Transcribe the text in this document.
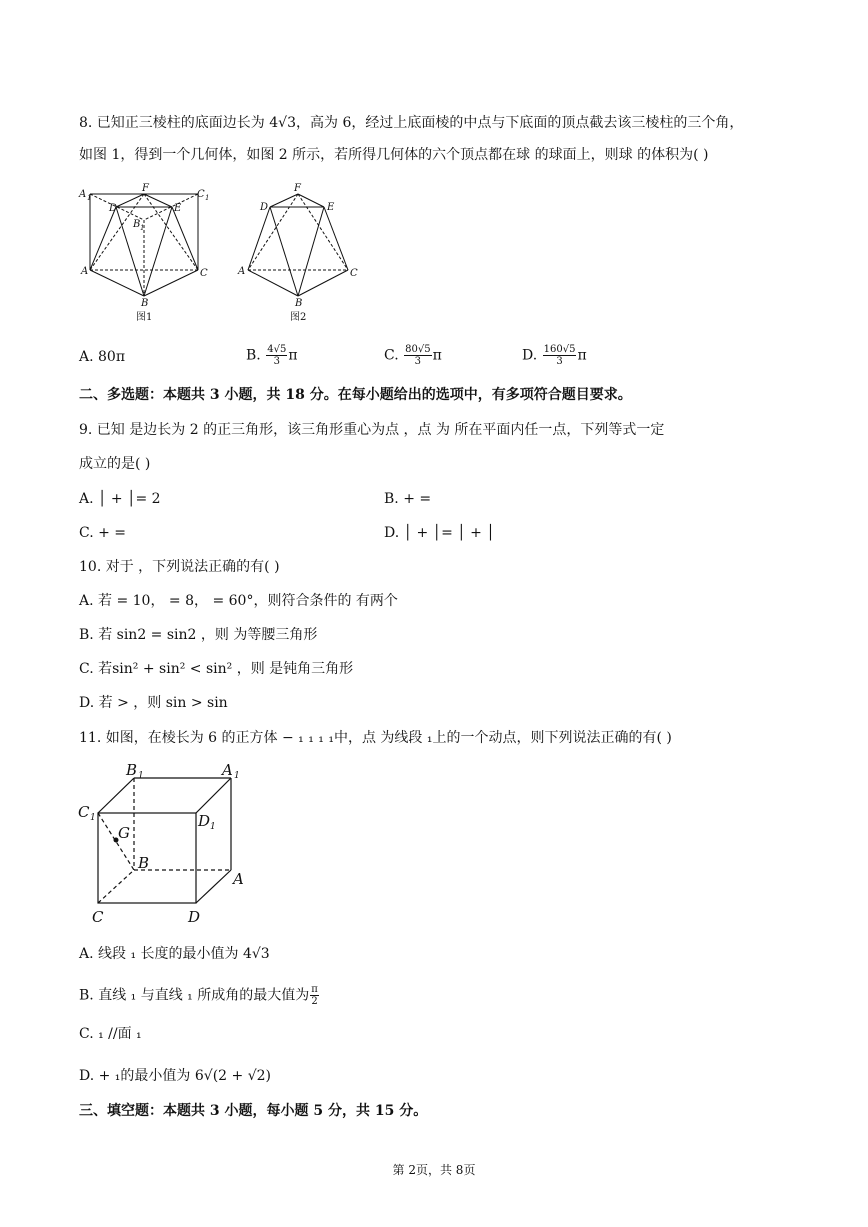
8. 已知正三棱柱的底面边长为 4√3，高为 6，经过上底面棱的中点与下底面的顶点截去该三棱柱的三个角，
如图 1，得到一个几何体，如图 2 所示，若所得几何体的六个顶点都在球 的球面上，则球 的体积为( )
A 1	C 1
F
D	E
B 1
A	C
B
图1
F
D	E
A	C
B
图2
A. 80π	B. $\frac{4√5}{3}$ π	C. $\frac{80√5}{3}$ π	D. $\frac{160√5}{3}$ π
二、多选题：本题共 3 小题，共 18 分。在每小题给出的选项中，有多项符合题目要求。
9. 已知 是边长为 2 的正三角形，该三角形重心为点 ，点 为 所在平面内任一点，下列等式一定
成立的是( )
A. │ + │= 2	B. + =
C. + =	D. │ + │= │ + │
10. 对于 ，下列说法正确的有( )
A. 若 = 10， = 8， = 60°，则符合条件的 有两个
B. 若 sin2 = sin2 ，则 为等腰三角形
C. 若sin² + sin² < sin² ，则 是钝角三角形
D. 若 > ，则 sin > sin
11. 如图，在棱长为 6 的正方体 − ₁ ₁ ₁ ₁中，点 为线段 ₁上的一个动点，则下列说法正确的有( )
B 1	A 1
C 1	D 1
G
B
A
C	D
A. 线段 ₁ 长度的最小值为 4√3
B. 直线 ₁ 与直线 ₁ 所成角的最大值为 $\frac{\pi}{2}$
C. ₁ //面 ₁
D. + ₁的最小值为 6√(2 + √2)
三、填空题：本题共 3 小题，每小题 5 分，共 15 分。
第 2页，共 8页
